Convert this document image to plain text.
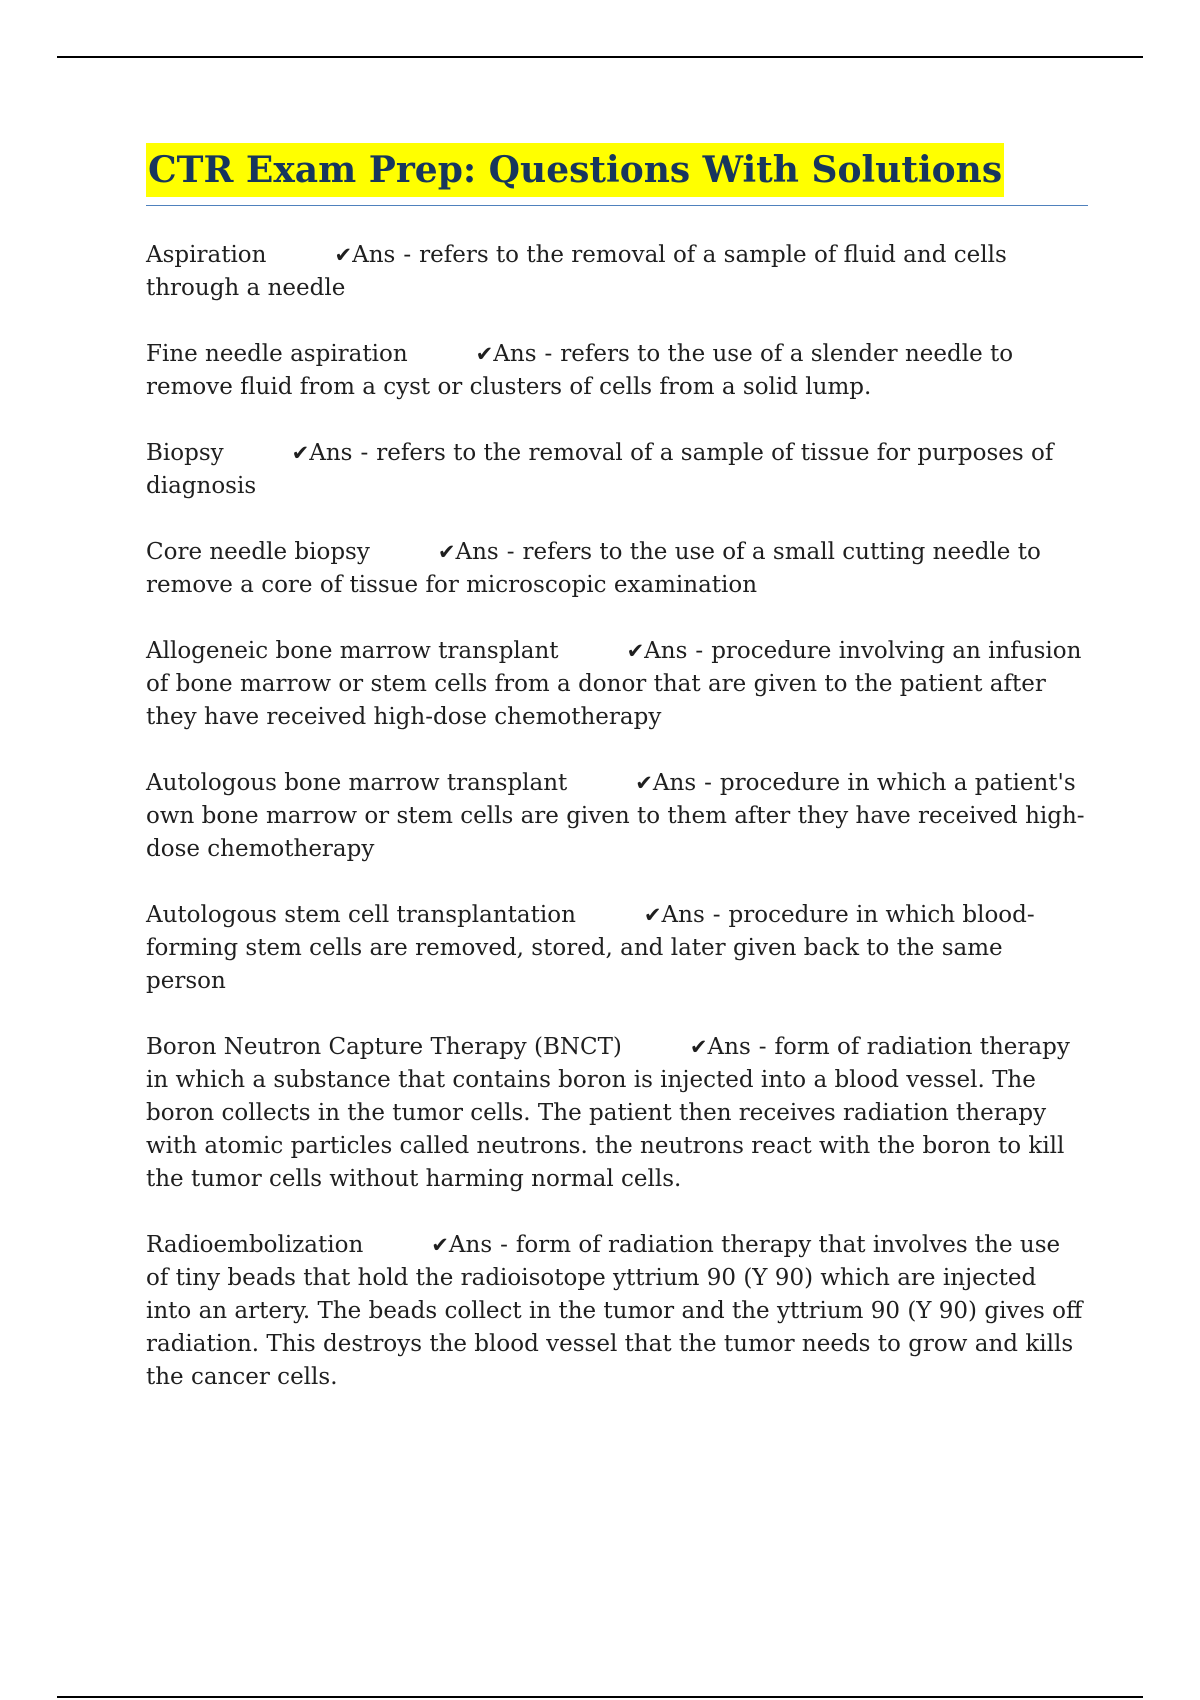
CTR Exam Prep: Questions With Solutions

Aspiration	✔Ans - refers to the removal of a sample of fluid and cells through a needle

Fine needle aspiration	✔Ans - refers to the use of a slender needle to remove fluid from a cyst or clusters of cells from a solid lump.

Biopsy	✔Ans - refers to the removal of a sample of tissue for purposes of diagnosis

Core needle biopsy	✔Ans - refers to the use of a small cutting needle to remove a core of tissue for microscopic examination

Allogeneic bone marrow transplant	✔Ans - procedure involving an infusion of bone marrow or stem cells from a donor that are given to the patient after they have received high-dose chemotherapy

Autologous bone marrow transplant	✔Ans - procedure in which a patient's own bone marrow or stem cells are given to them after they have received high-dose chemotherapy

Autologous stem cell transplantation	✔Ans - procedure in which blood-forming stem cells are removed, stored, and later given back to the same person

Boron Neutron Capture Therapy (BNCT)	✔Ans - form of radiation therapy in which a substance that contains boron is injected into a blood vessel. The boron collects in the tumor cells. The patient then receives radiation therapy with atomic particles called neutrons. the neutrons react with the boron to kill the tumor cells without harming normal cells.

Radioembolization	✔Ans - form of radiation therapy that involves the use of tiny beads that hold the radioisotope yttrium 90 (Y 90) which are injected into an artery. The beads collect in the tumor and the yttrium 90 (Y 90) gives off radiation. This destroys the blood vessel that the tumor needs to grow and kills the cancer cells.
